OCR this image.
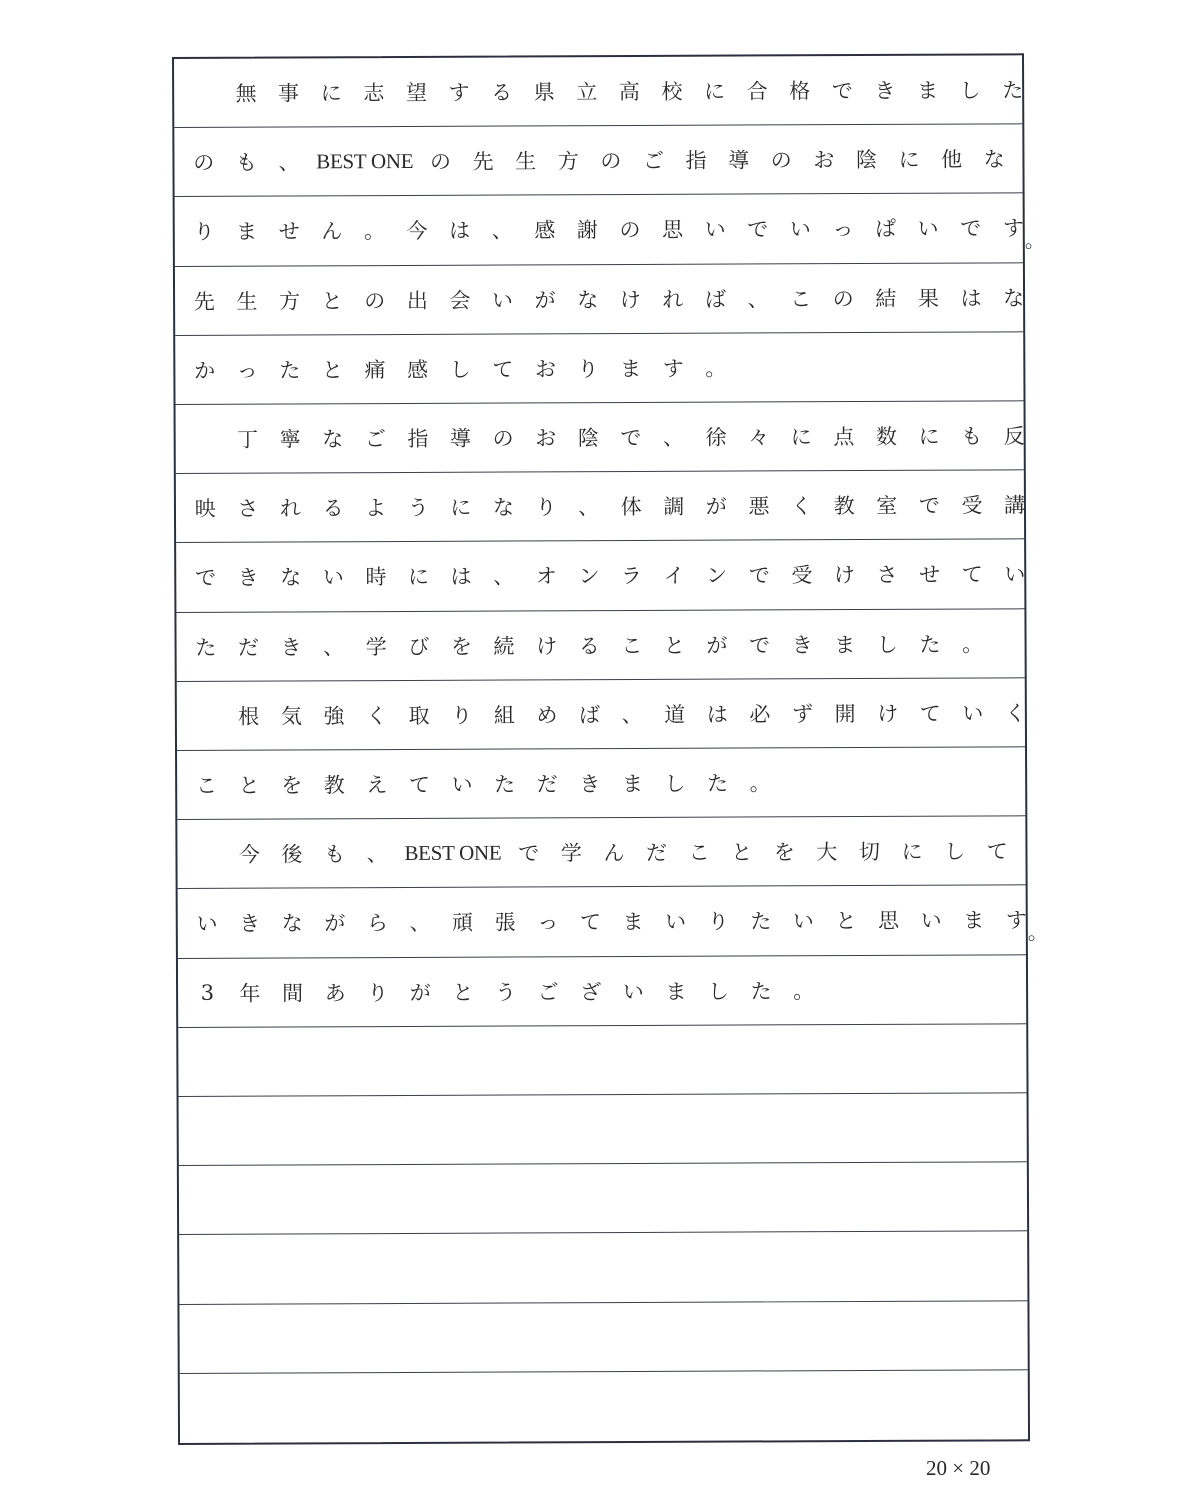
無	事	に	志	望	す	る	県	立	高	校	に	合	格	で	き	ま	し	た
の	も	、 BEST ONE の	先	生	方	の	ご	指	導	の	お	陰	に	他	な
り	ま	せ	ん	。	今	は	、	感	謝	の	思	い	で	い	っ	ぱ	い	で	す 。
先	生	方	と	の	出	会	い	が	な	け	れ	ば	、	こ	の	結	果	は	な
か	っ	た	と	痛	感	し	て	お	り	ま	す	。

丁	寧	な	ご	指	導	の	お	陰	で	、	徐	々	に	点	数	に	も	反
映	さ	れ	る	よ	う	に	な	り	、	体	調	が	悪	く	教	室	で	受	講
で	き	な	い	時	に	は	、	オ	ン	ラ	イ	ン	で	受	け	さ	せ	て	い
た	だ	き	、	学	び	を	続	け	る	こ	と	が	で	き	ま	し	た	。

根	気	強	く	取	り	組	め	ば	、	道	は	必	ず	開	け	て	い	く
こ	と	を	教	え	て	い	た	だ	き	ま	し	た	。

今	後	も	、 BEST ONE で	学	ん	だ	こ	と	を	大	切	に	し	て
い	き	な	が	ら	、	頑	張	っ	て	ま	い	り	た	い	と	思	い	ま	す 。
3	年	間	あ	り	が	と	う	ご	ざ	い	ま	し	た	。
20 × 20
